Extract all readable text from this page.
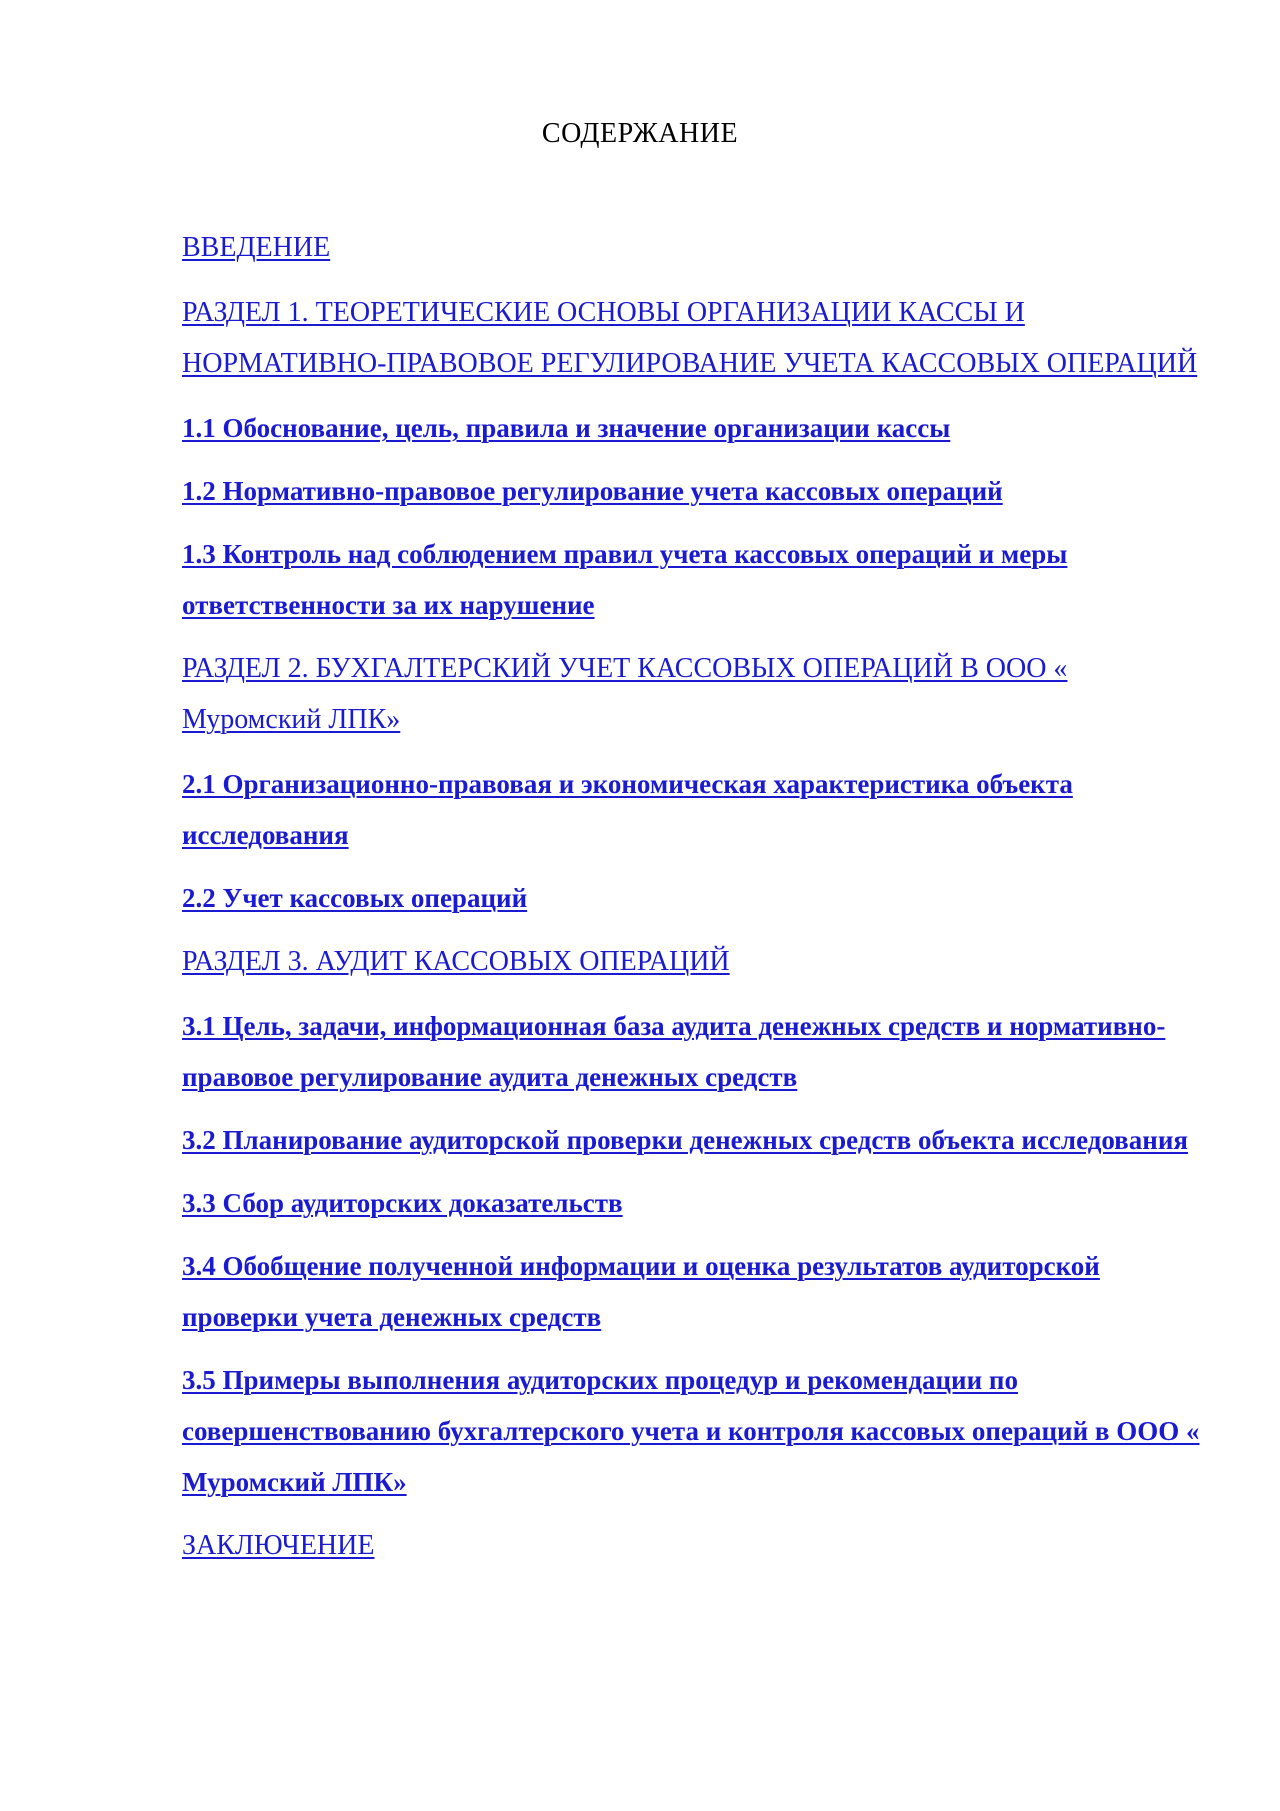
СОДЕРЖАНИЕ
ВВЕДЕНИЕ
РАЗДЕЛ 1. ТЕОРЕТИЧЕСКИЕ ОСНОВЫ ОРГАНИЗАЦИИ КАССЫ И НОРМАТИВНО-ПРАВОВОЕ РЕГУЛИРОВАНИЕ УЧЕТА КАССОВЫХ ОПЕРАЦИЙ
1.1 Обоснование, цель, правила и значение организации кассы
1.2 Нормативно-правовое регулирование учета кассовых операций
1.3 Контроль над соблюдением правил учета кассовых операций и меры ответственности за их нарушение
РАЗДЕЛ 2. БУХГАЛТЕРСКИЙ УЧЕТ КАССОВЫХ ОПЕРАЦИЙ В ООО « Муромский ЛПК»
2.1 Организационно-правовая и экономическая характеристика объекта исследования
2.2 Учет кассовых операций
РАЗДЕЛ 3. АУДИТ КАССОВЫХ ОПЕРАЦИЙ
3.1 Цель, задачи, информационная база аудита денежных средств и нормативно-правовое регулирование аудита денежных средств
3.2 Планирование аудиторской проверки денежных средств объекта исследования
3.3 Сбор аудиторских доказательств
3.4 Обобщение полученной информации и оценка результатов аудиторской проверки учета денежных средств
3.5 Примеры выполнения аудиторских процедур и рекомендации по совершенствованию бухгалтерского учета и контроля кассовых операций в ООО « Муромский ЛПК»
ЗАКЛЮЧЕНИЕ
